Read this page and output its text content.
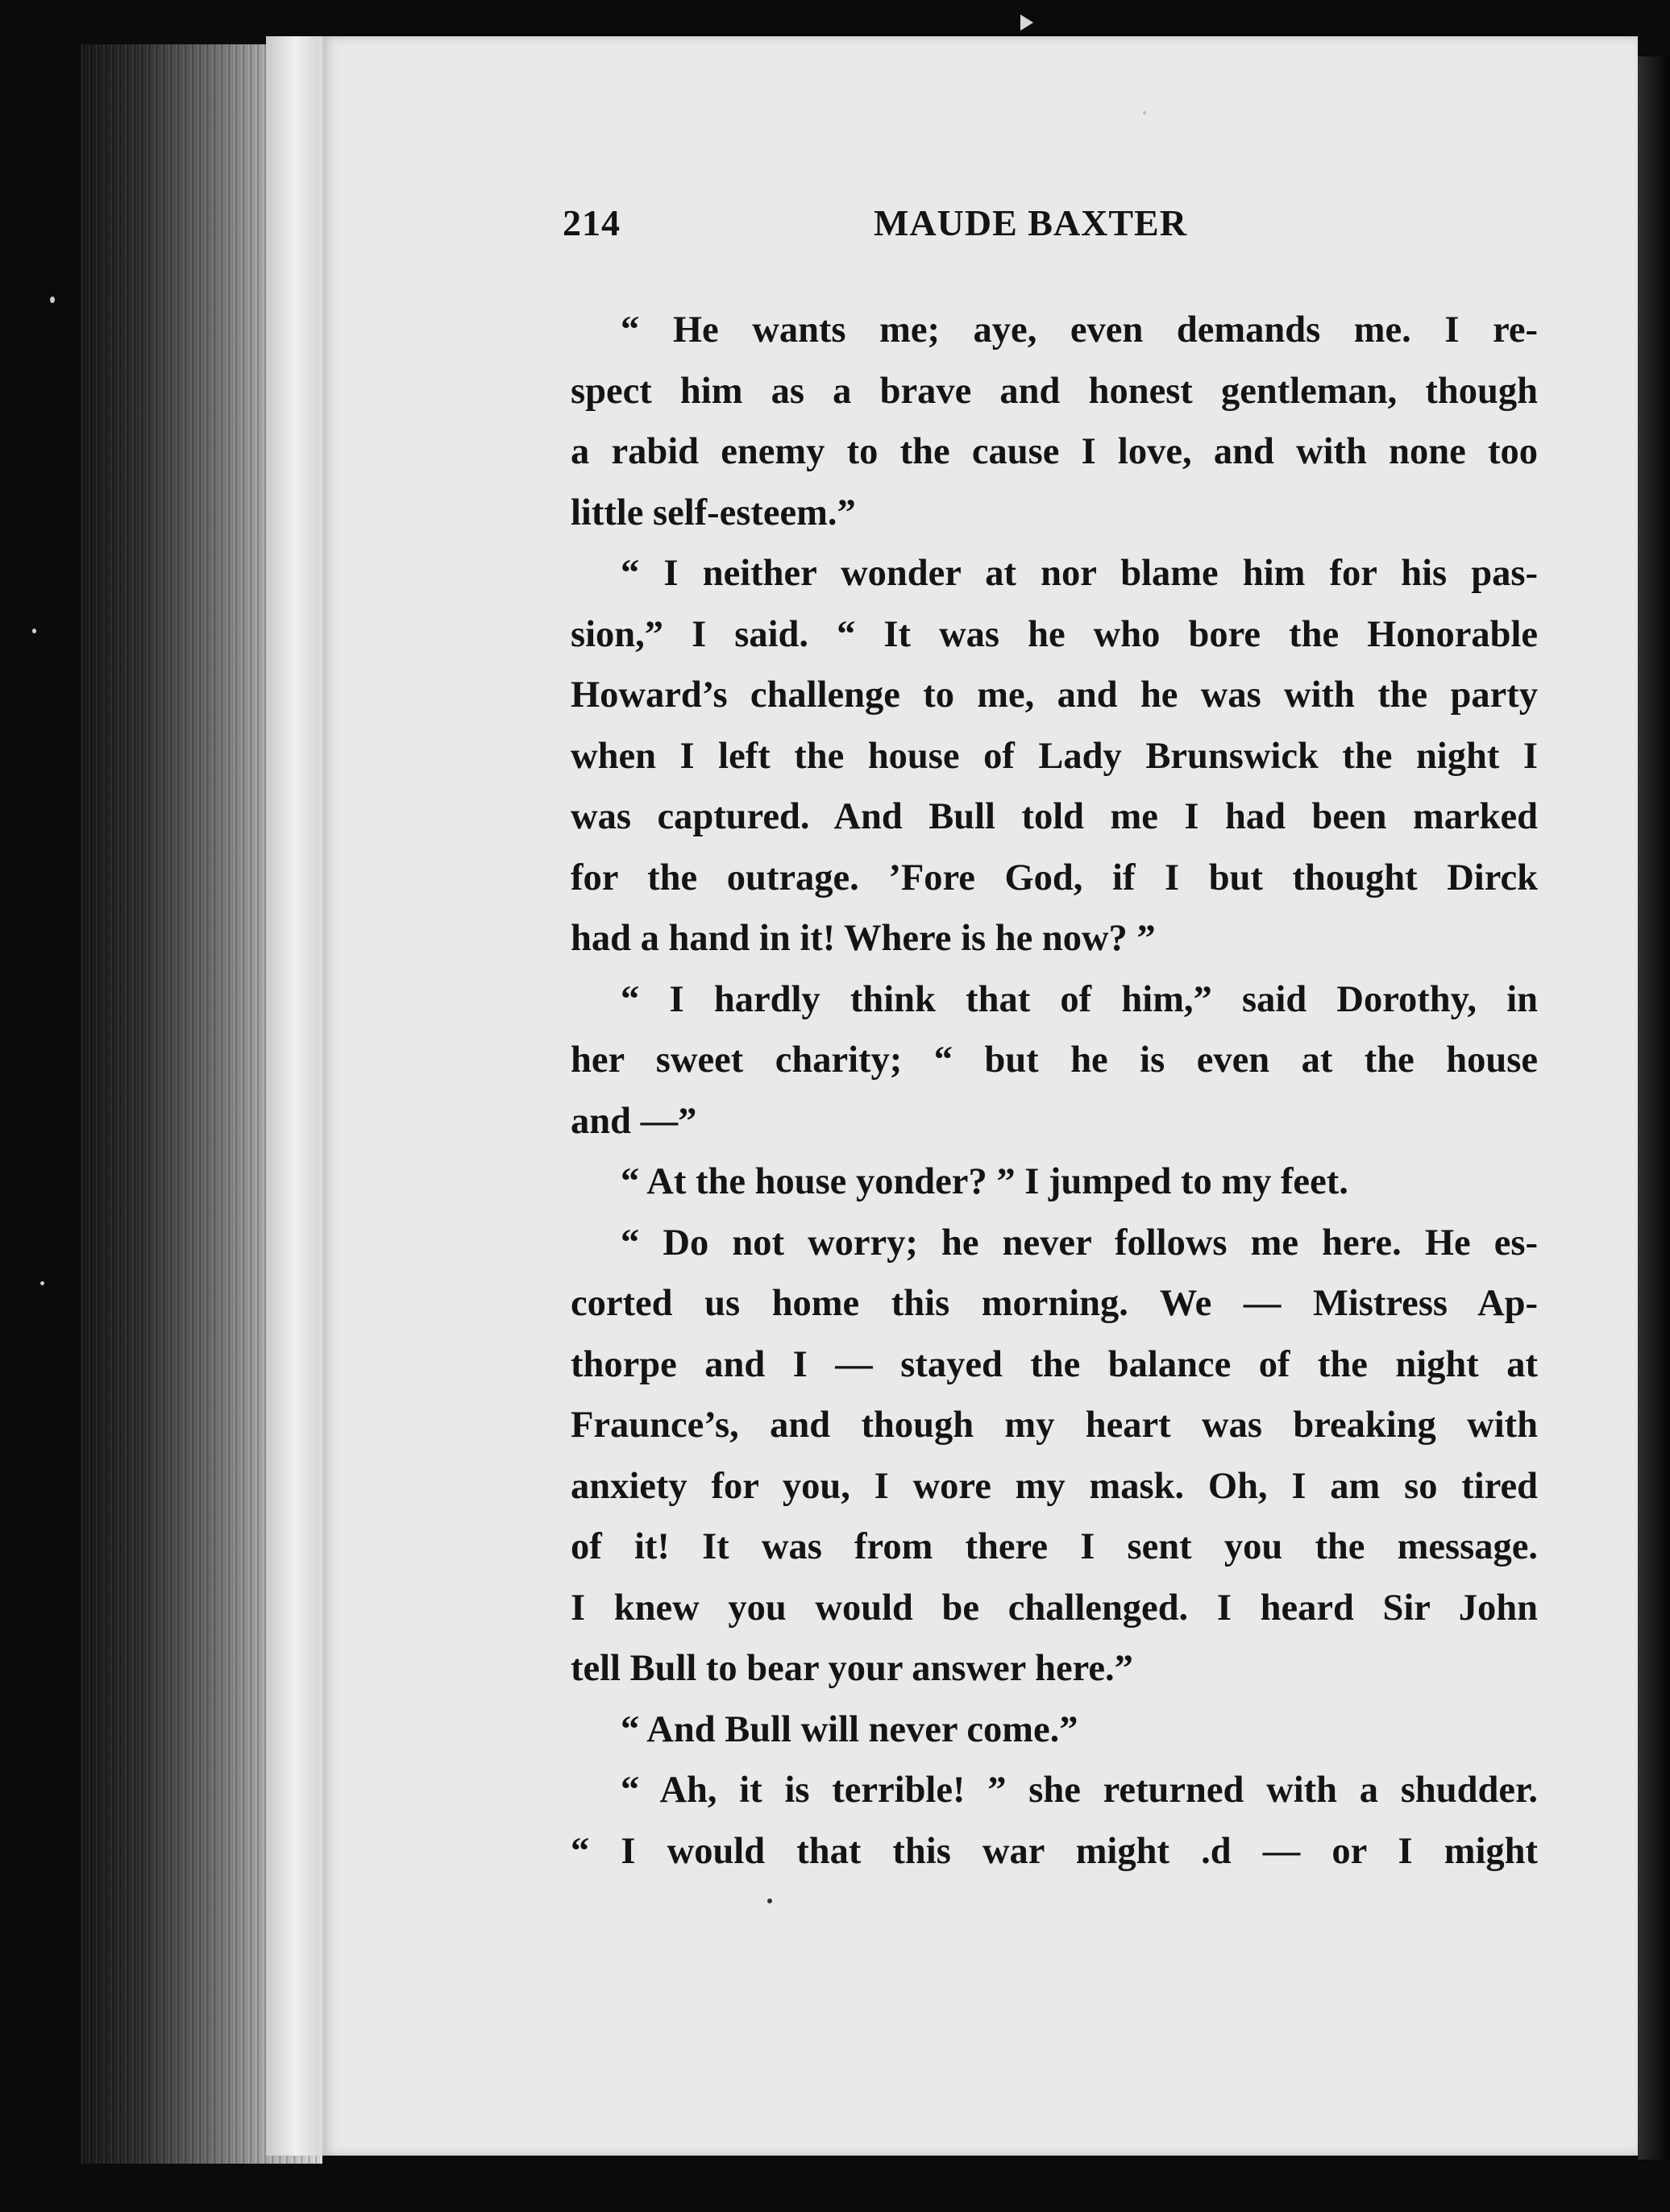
214	MAUDE BAXTER
“ He wants me; aye, even demands me. I re-
spect him as a brave and honest gentleman, though
a rabid enemy to the cause I love, and with none too
little self-esteem.”
“ I neither wonder at nor blame him for his pas-
sion,” I said. “ It was he who bore the Honorable
Howard’s challenge to me, and he was with the party
when I left the house of Lady Brunswick the night I
was captured. And Bull told me I had been marked
for the outrage. ’Fore God, if I but thought Dirck
had a hand in it! Where is he now? ”
“ I hardly think that of him,” said Dorothy, in
her sweet charity; “ but he is even at the house
and —”
“ At the house yonder? ” I jumped to my feet.
“ Do not worry; he never follows me here. He es-
corted us home this morning. We — Mistress Ap-
thorpe and I — stayed the balance of the night at
Fraunce’s, and though my heart was breaking with
anxiety for you, I wore my mask. Oh, I am so tired
of it! It was from there I sent you the message.
I knew you would be challenged. I heard Sir John
tell Bull to bear your answer here.”
“ And Bull will never come.”
“ Ah, it is terrible! ” she returned with a shudder.
“ I would that this war might .d — or I might
